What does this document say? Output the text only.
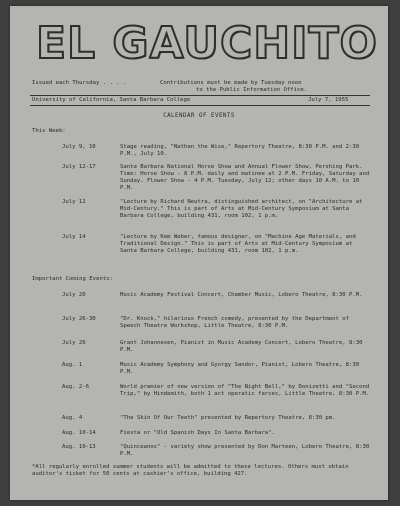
EL GAUCHITO
Issued each Thursday . . . .	Contributions must be made by Tuesday noon
to the Public Information Office.
University of California, Santa Barbara College	July 7, 1955
CALENDAR OF EVENTS
This Week:
July 9, 10	Stage reading, "Nathan the Wise," Repertory Theatre, 8:30 P.M. and 2:30 P.M., July 10.
July 12-17	Santa Barbara National Horse Show and Annual Flower Show, Pershing Park. Time: Horse Show - 8 P.M. daily and matinee at 2 P.M. Friday, Saturday and Sunday. Flower Show - 4 P.M. Tuesday, July 12; other days 10 A.M. to 10 P.M.
July 12	"Lecture by Richard Neutra, distinguished architect, on "Architecture at Mid-Century." This is part of Arts at Mid-Century Symposium at Santa Barbara College, building 431, room 102, 1 p.m.
July 14	"Lecture by Kem Weber, famous designer, on "Machine Age Materials, and Traditional Design." This is part of Arts at Mid-Century Symposium at Santa Barbara College, building 431, room 102, 1 p.m.
Important Coming Events:
July 20	Music Academy Festival Concert, Chamber Music, Lobero Theatre, 8:30 P.M.
July 26-30	"Dr. Knock," hilarious French comedy, presented by the Department of Speech Theatre Workshop, Little Theatre, 8:30 P.M.
July 26	Grant Johannesen, Pianist in Music Academy Concert, Lobero Theatre, 8:30 P.M.
Aug. 1	Music Academy Symphony and Gyorgy Sandor, Pianist, Lobero Theatre, 8:30 P.M.
Aug. 2-6	World premier of new version of "The Night Bell," by Donizetti and "Second Trip," by Hindemith, both 1 act operatic farces, Little Theatre, 8:30 P.M.
Aug. 4	"The Skin Of Our Teeth" presented by Repertory Theatre, 8:30 pm.
Aug. 10-14	Fiesta or "Old Spanish Days In Santa Barbara".
Aug. 10-13	"Quinceanos" - variety show presented by Don Marteen, Lobero Theatre, 8:30 P.M.
*All regularly enrolled summer students will be admitted to these lectures. Others must obtain auditor's ticket for 50 cents at cashier's office, building 427.
